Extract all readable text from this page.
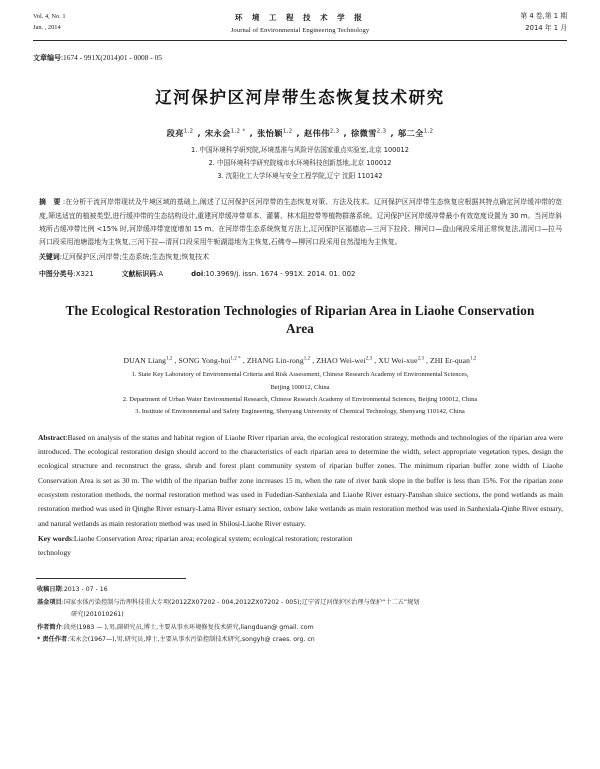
Vol. 4, No. 1
Jan. , 2014
环 境 工 程 技 术 学 报
Journal of Environmental Engineering Technology
第 4 卷,第 1 期
2014 年 1 月
文章编号:1674 - 991X(2014)01 - 0008 - 05
辽河保护区河岸带生态恢复技术研究
段亮$^{1,2}$ , 宋永会$^{1,2 *}$ , 张怡颖$^{1,2}$ , 赵伟伟$^{2,3}$ , 徐微雪$^{2,3}$ , 邬二全$^{1,2}$
1. 中国环境科学研究院,环境基准与风险评估国家重点实验室,北京 100012
2. 中国环境科学研究院城市水环境科技创新基地,北京 100012
3. 沈阳化工大学环境与安全工程学院,辽宁 沈阳 110142
摘 要:在分析干流河岸带现状及牛境区域的基础上,阐述了辽河保护区河岸带的生态恢复对策、方法及技术。辽河保护区河岸带生态恢复应根据其特点确定河岸缓冲带的宽度,筛选适宜的植被类型,进行缓冲带的生态结构设计,重建河岸缓冲带草本、灌薯、林木阻控带等植物群落系统。辽河保护区河岸缓冲带最小有效宽度设置为 30 m。当河岸斜坡所占缓冲带比例 <15% 时,河岸缓冲带宽度增加 15 m。在河岸带生态系统恢复方法上,辽河保护区福德店—三河下拉段、柳河口—盘山闸段采用正常恢复法,清河口—拉马河口段采用池塘湿地为主恢复,三河下拉—清河口段采用牛轭湖湿地为主恢复,石佛寺—柳河口段采用自然湿地为主恢复。
关键词:辽河保护区;河岸带;生态系统;生态恢复;恢复技术
中图分类号:X321	文献标识码:A	doi:10.3969/j. issn. 1674 - 991X. 2014. 01. 002
The Ecological Restoration Technologies of Riparian Area in Liaohe Conservation Area
DUAN Liang$^{1,2}$ , SONG Yong-hui$^{1,2 *}$ , ZHANG Lin-rong$^{1,2}$ , ZHAO Wei-wei$^{2,3}$ , XU Wei-xue$^{2,3}$ , ZHI Er-quan$^{1,2}$
1. State Key Laboratory of Environmental Criteria and Risk Assessment, Chinese Research Academy of Environmental Sciences,
Beijing 100012, China
2. Department of Urban Water Environmental Research, Chinese Research Academy of Environmental Sciences, Beijing 100012, China
3. Institute of Environmental and Safety Engineering, Shenyang University of Chemical Technology, Shenyang 110142, China
Abstract:Based on analysis of the status and habitat region of Liaohe River riparian area, the ecological restoration strategy, methods and technologies of the riparian area were introduced. The ecological restoration design should accord to the characteristics of each riparian area to determine the width, select appropriate vegetation types, design the ecological structure and reconstruct the grass, shrub and forest plant community system of riparian buffer zones. The minimum riparian buffer zone width of Liaohe Conservation Area is set as 30 m. The width of the riparian buffer zone increases 15 m, when the rate of river bank slope in the buffer is less than 15%. For the riparian zone ecosystem restoration methods, the normal restoration method was used in Fudedian-Sanhexiala and Liaohe River estuary-Panshan sluice sections, the pond wetlands as main restoration method was used in Qinghe River estuary-Lama River estuary section, oxbow lake wetlands as main restoration method was used in Sanhexiala-Qinhe River estuary, and natural wetlands as main restoration method was used in Shilosi-Liaohe River estuary.
Key words:Liaohe Conservation Area; riparian area; ecological system; ecological restoration; restoration
technology
收稿日期:2013 - 07 - 16
基金项目:国家水体污染控制与治理科技重大专项(2012ZX07202 - 004,2012ZX07202 - 005);辽宁省辽河保护区治理与保护“十二五”规划
研究(201010261)
作者简介:段亮(1983 — ),男,副研究员,博士,主要从事水环境修复技术研究,liangduan@ gmail. com
* 责任作者:宋永会(1967—),男,研究员,博士,主要从事水污染控制技术研究,songyh@ craes. org. cn
